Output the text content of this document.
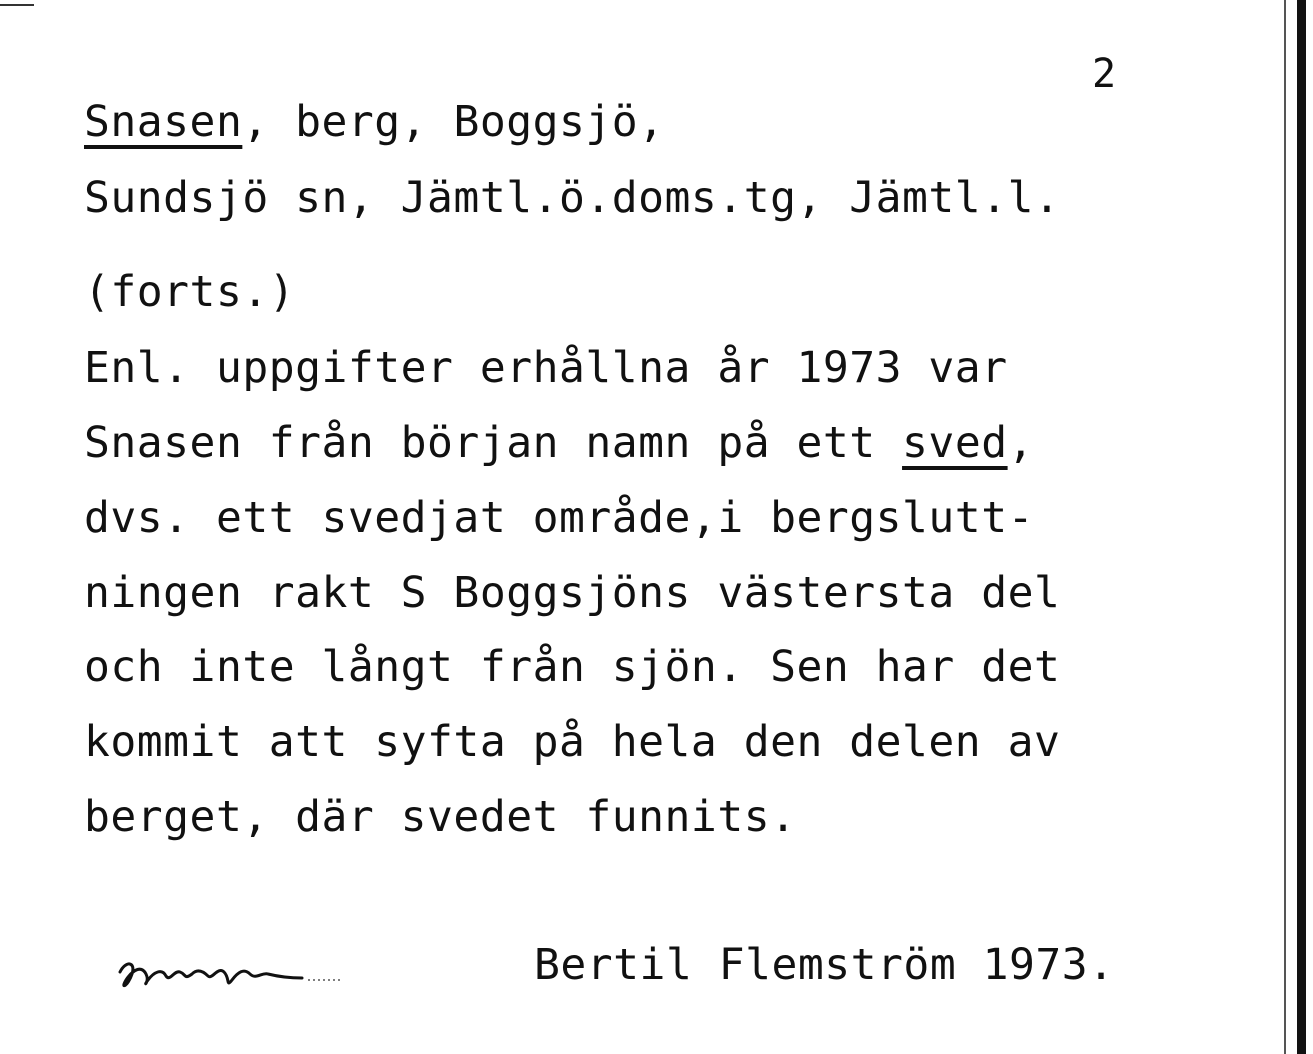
2
Snasen, berg, Boggsjö,
Sundsjö sn, Jämtl.ö.doms.tg, Jämtl.l.
(forts.)
Enl. uppgifter erhållna år 1973 var
Snasen från början namn på ett sved,
dvs. ett svedjat område,i bergslutt-
ningen rakt S Boggsjöns västersta del
och inte långt från sjön. Sen har det
kommit att syfta på hela den delen av
berget, där svedet funnits.
Bertil Flemström 1973.
